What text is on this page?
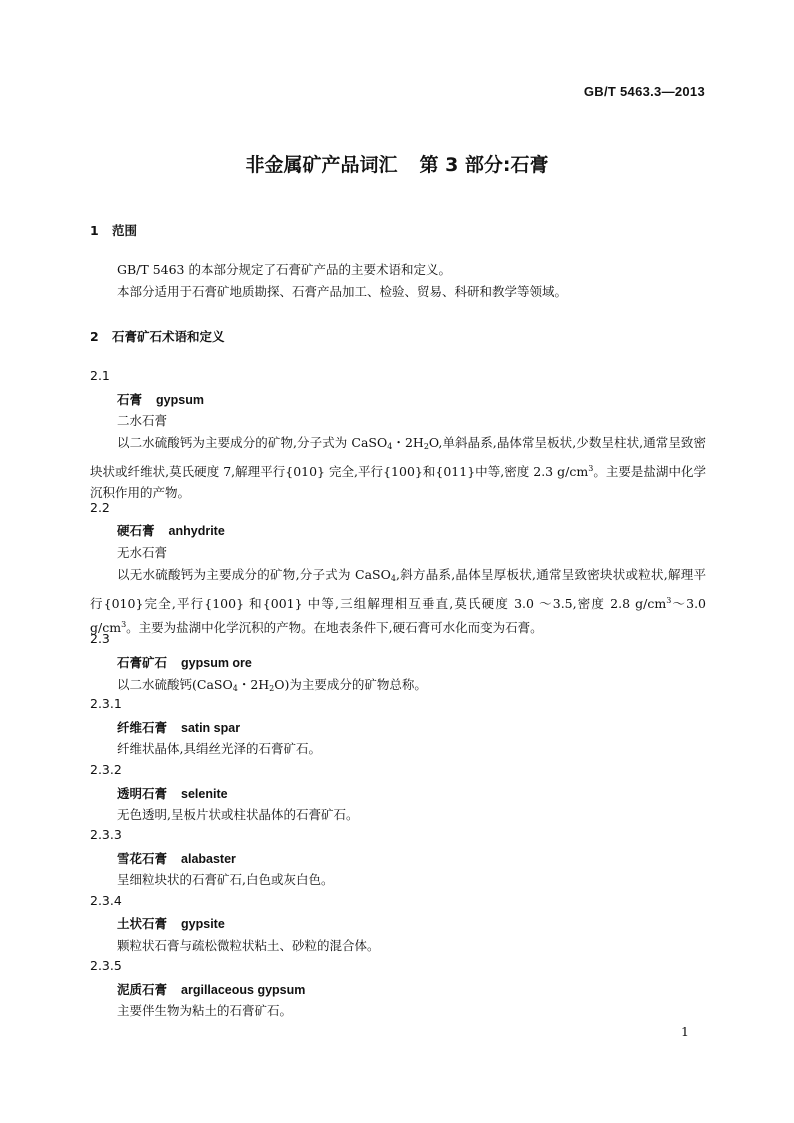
GB/T 5463.3—2013
非金属矿产品词汇 第 3 部分:石膏
1 范围
GB/T 5463 的本部分规定了石膏矿产品的主要术语和定义。
本部分适用于石膏矿地质勘探、石膏产品加工、检验、贸易、科研和教学等领域。
2 石膏矿石术语和定义
2.1
石膏 gypsum
二水石膏
以二水硫酸钙为主要成分的矿物,分子式为 CaSO$_4$・$2H_2O$,单斜晶系,晶体常呈板状,少数呈柱状,通常呈致密块状或纤维状,莫氏硬度 7,解理平行{010} 完全,平行{100}和{011}中等,密度 2.3 $g/cm^3$。主要是盐湖中化学沉积作用的产物。
2.2
硬石膏 anhydrite
无水石膏
以无水硫酸钙为主要成分的矿物,分子式为 CaSO$_4$,斜方晶系,晶体呈厚板状,通常呈致密块状或粒状,解理平行{010}完全,平行{100} 和{001} 中等,三组解理相互垂直,莫氏硬度 3.0 ～3.5,密度 2.8 $g/cm^3\sim 3.0$ $g/cm^3$。主要为盐湖中化学沉积的产物。在地表条件下,硬石膏可水化而变为石膏。
2.3
石膏矿石 gypsum ore
以二水硫酸钙(CaSO$_4$・$2H_2O$)为主要成分的矿物总称。
2.3.1
纤维石膏 satin spar
纤维状晶体,具绢丝光泽的石膏矿石。
2.3.2
透明石膏 selenite
无色透明,呈板片状或柱状晶体的石膏矿石。
2.3.3
雪花石膏 alabaster
呈细粒块状的石膏矿石,白色或灰白色。
2.3.4
土状石膏 gypsite
颗粒状石膏与疏松微粒状粘土、砂粒的混合体。
2.3.5
泥质石膏 argillaceous gypsum
主要伴生物为粘土的石膏矿石。
1
